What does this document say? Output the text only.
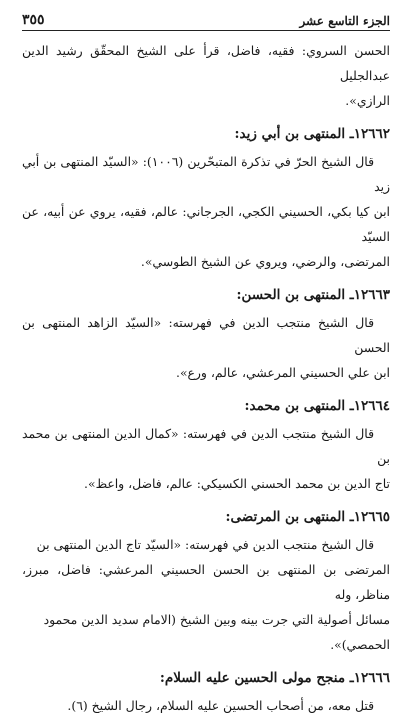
الجزء التاسع عشر
٣٥٥

الحسن السروي: فقيه، فاضل، قرأ على الشيخ المحقّق رشيد الدين عبدالجليل

الرازي».

١٢٦٦٢ـ المنتهى بن أبي زيد:

قال الشيخ الحرّ في تذكرة المتبحّرين (١٠٠٦): «السيّد المنتهى بن أبي زيد

ابن كيا بكي، الحسيني الكجي، الجرجاني: عالم، فقيه، يروي عن أبيه، عن السيّد

المرتضى، والرضي، ويروي عن الشيخ الطوسي».

١٢٦٦٣ـ المنتهى بن الحسن:

قال الشيخ منتجب الدين في فهرسته: «السيّد الزاهد المنتهى بن الحسن

ابن علي الحسيني المرعشي، عالم، ورع».

١٢٦٦٤ـ المنتهى بن محمد:

قال الشيخ منتجب الدين في فهرسته: «كمال الدين المنتهى بن محمد بن

تاج الدين بن محمد الحسني الكسيكي: عالم، فاضل، واعظ».

١٢٦٦٥ـ المنتهى بن المرتضى:

قال الشيخ منتجب الدين في فهرسته: «السيّد تاج الدين المنتهى بن

المرتضى بن المنتهى بن الحسن الحسيني المرعشي: فاضل، مبرز، مناظر، وله

مسائل أصولية التي جرت بينه وبين الشيخ (الامام سديد الدين محمود

الحمصي)».

١٢٦٦٦ـ منجح مولى الحسين عليه السلام:

قتل معه، من أصحاب الحسين عليه السلام، رجال الشيخ (٦).
